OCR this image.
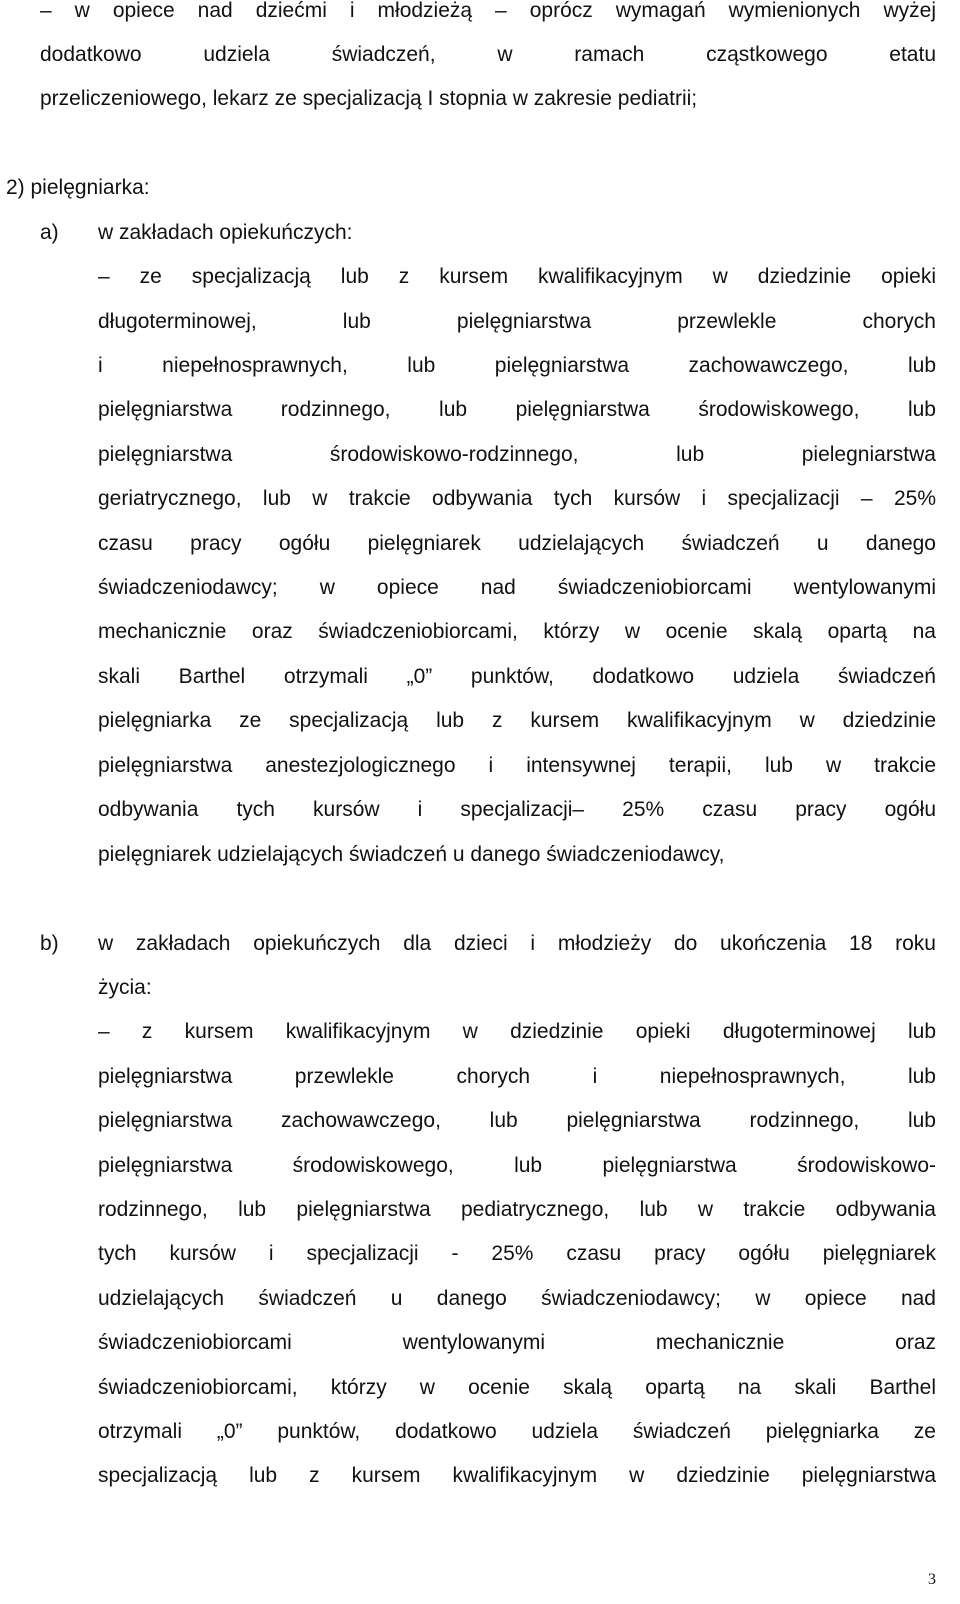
– w opiece nad dziećmi i młodzieżą – oprócz wymagań wymienionych wyżej
dodatkowo udziela świadczeń, w ramach cząstkowego etatu
przeliczeniowego, lekarz ze specjalizacją I stopnia w zakresie pediatrii;
2) pielęgniarka:
a) w zakładach opiekuńczych:
– ze specjalizacją lub z kursem kwalifikacyjnym w dziedzinie opieki
długoterminowej, lub pielęgniarstwa przewlekle chorych
i niepełnosprawnych, lub pielęgniarstwa zachowawczego, lub
pielęgniarstwa rodzinnego, lub pielęgniarstwa środowiskowego, lub
pielęgniarstwa środowiskowo-rodzinnego, lub pielegniarstwa
geriatrycznego, lub w trakcie odbywania tych kursów i specjalizacji – 25%
czasu pracy ogółu pielęgniarek udzielających świadczeń u danego
świadczeniodawcy; w opiece nad świadczeniobiorcami wentylowanymi
mechanicznie oraz świadczeniobiorcami, którzy w ocenie skalą opartą na
skali Barthel otrzymali „0” punktów, dodatkowo udziela świadczeń
pielęgniarka ze specjalizacją lub z kursem kwalifikacyjnym w dziedzinie
pielęgniarstwa anestezjologicznego i intensywnej terapii, lub w trakcie
odbywania tych kursów i specjalizacji– 25% czasu pracy ogółu
pielęgniarek udzielających świadczeń u danego świadczeniodawcy,
b) w zakładach opiekuńczych dla dzieci i młodzieży do ukończenia 18 roku
życia:
– z kursem kwalifikacyjnym w dziedzinie opieki długoterminowej lub
pielęgniarstwa przewlekle chorych i niepełnosprawnych, lub
pielęgniarstwa zachowawczego, lub pielęgniarstwa rodzinnego, lub
pielęgniarstwa środowiskowego, lub pielęgniarstwa środowiskowo-
rodzinnego, lub pielęgniarstwa pediatrycznego, lub w trakcie odbywania
tych kursów i specjalizacji - 25% czasu pracy ogółu pielęgniarek
udzielających świadczeń u danego świadczeniodawcy; w opiece nad
świadczeniobiorcami wentylowanymi mechanicznie oraz
świadczeniobiorcami, którzy w ocenie skalą opartą na skali Barthel
otrzymali „0” punktów, dodatkowo udziela świadczeń pielęgniarka ze
specjalizacją lub z kursem kwalifikacyjnym w dziedzinie pielęgniarstwa
3
